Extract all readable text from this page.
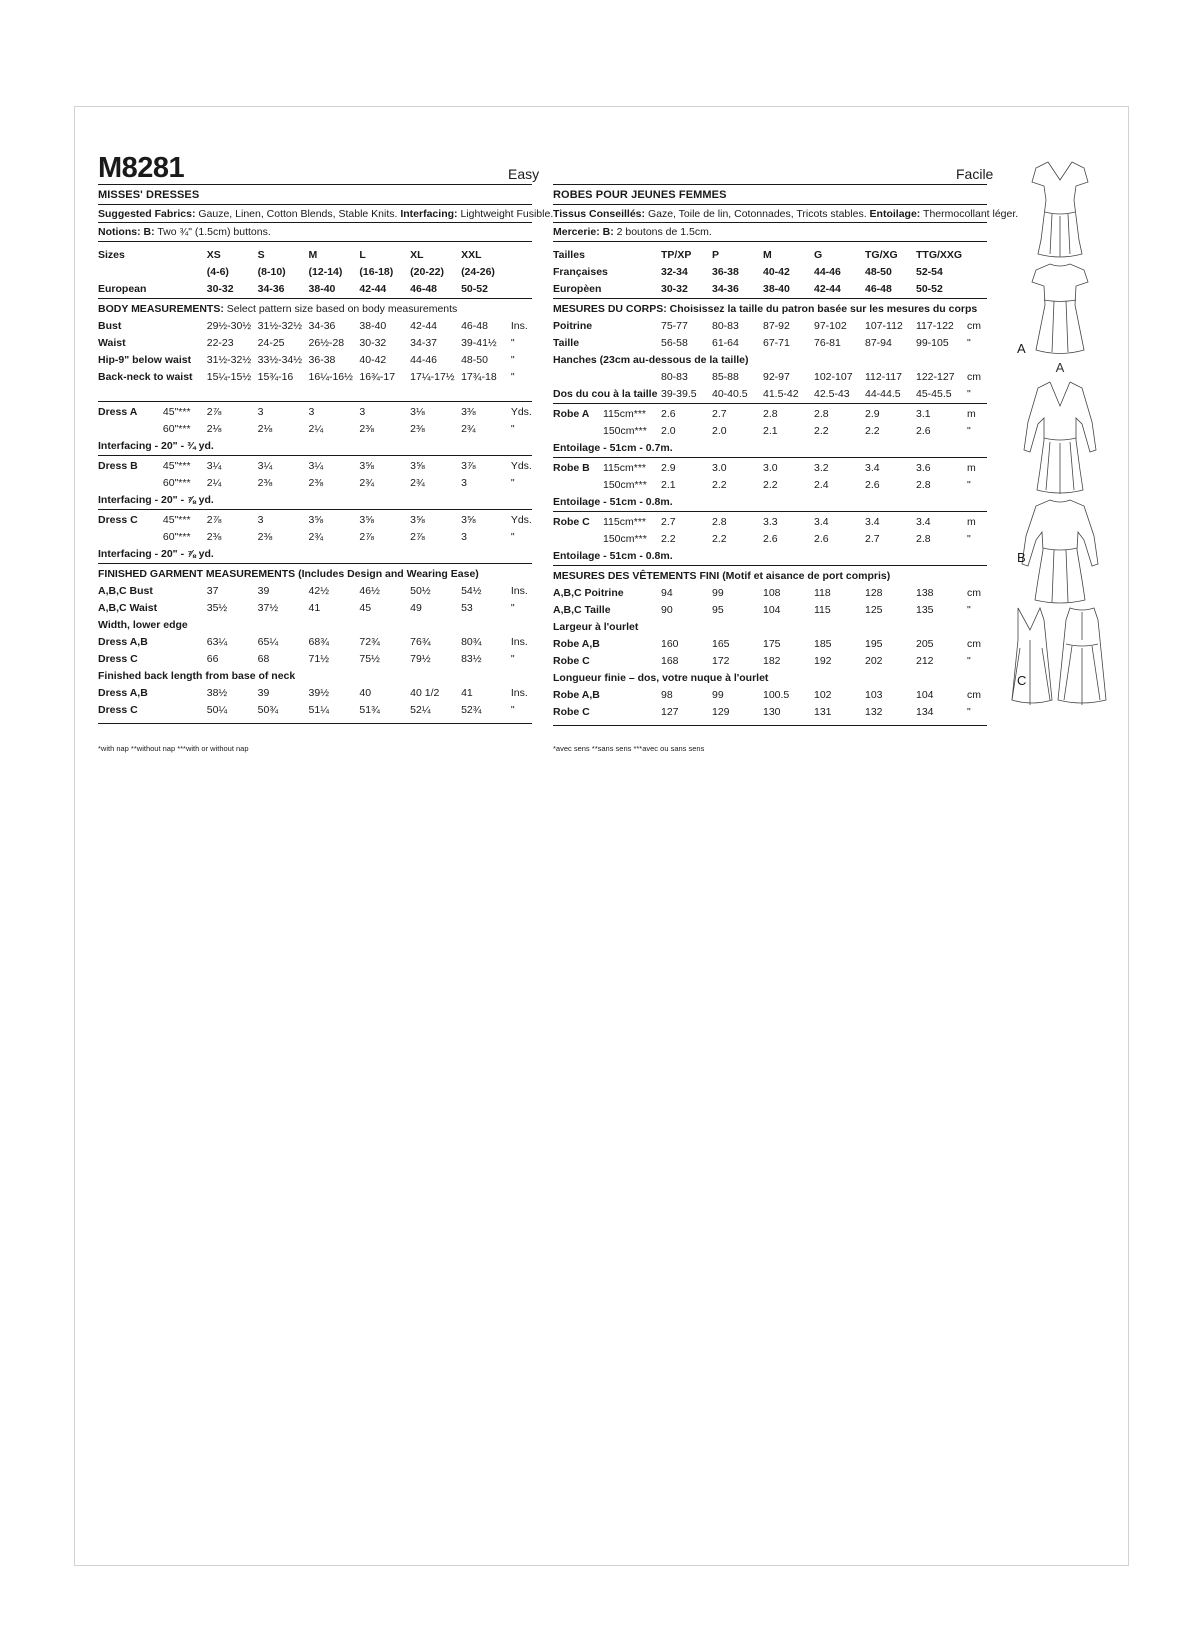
M8281	Easy	Facile
MISSES' DRESSES	ROBES POUR JEUNES FEMMES
Suggested Fabrics: Gauze, Linen, Cotton Blends, Stable Knits. Interfacing: Lightweight Fusible. Tissus Conseillés: Gaze, Toile de lin, Cotonnades, Tricots stables. Entoilage: Thermocollant léger.
Notions: B: Two ¾" (1.5cm) buttons.	Mercerie: B: 2 boutons de 1.5cm.
Sizes		XS	S	M	L	XL	XXL	
		(4-6)	(8-10)	(12-14)	(16-18)	(20-22)	(24-26)	
European		30-32	34-36	38-40	42-44	46-48	50-52	

BODY MEASUREMENTS: Select pattern size based on body measurements								
Bust		29½-30½	31½-32½	34-36	38-40	42-44	46-48	Ins.
Waist		22-23	24-25	26½-28	30-32	34-37	39-41½	"
Hip-9" below waist		31½-32½	33½-34½	36-38	40-42	44-46	48-50	"
Back-neck to waist		15¼-15½	15¾-16	16¼-16½	16¾-17	17¼-17½	17¾-18	"

Dress A	45"***	2⅞	3	3	3	3⅛	3⅜	Yds.
	60"***	2⅛	2⅛	2¼	2⅜	2⅜	2¾	"
Interfacing - 20" - ¾ yd.								

Dress B	45"***	3¼	3¼	3¼	3⅝	3⅝	3⅞	Yds.
	60"***	2¼	2⅜	2⅜	2¾	2¾	3	"
Interfacing - 20" - ⅞ yd.								

Dress C	45"***	2⅞	3	3⅝	3⅝	3⅝	3⅝	Yds.
	60"***	2⅜	2⅜	2¾	2⅞	2⅞	3	"
Interfacing - 20" - ⅞ yd.								

FINISHED GARMENT MEASUREMENTS (Includes Design and Wearing Ease)								
A,B,C Bust		37	39	42½	46½	50½	54½	Ins.
A,B,C Waist		35½	37½	41	45	49	53	"
Width, lower edge								
Dress A,B		63¼	65¼	68¾	72¾	76¾	80¾	Ins.
Dress C		66	68	71½	75½	79½	83½	"
Finished back length from base of neck								
Dress A,B		38½	39	39½	40	40 1/2	41	Ins.
Dress C		50¼	50¾	51¼	51¾	52¼	52¾	"

Tailles		TP/XP	P	M	G	TG/XG	TTG/XXG	
Françaises		32-34	36-38	40-42	44-46	48-50	52-54	
Europèen		30-32	34-36	38-40	42-44	46-48	50-52	

MESURES DU CORPS: Choisissez la taille du patron basée sur les mesures du corps								
Poitrine		75-77	80-83	87-92	97-102	107-112	117-122	cm
Taille		56-58	61-64	67-71	76-81	87-94	99-105	"
Hanches (23cm au-dessous de la taille)								
		80-83	85-88	92-97	102-107	112-117	122-127	cm
Dos du cou à la taille		39-39.5	40-40.5	41.5-42	42.5-43	44-44.5	45-45.5	"

Robe A	115cm***	2.6	2.7	2.8	2.8	2.9	3.1	m
	150cm***	2.0	2.0	2.1	2.2	2.2	2.6	"
Entoilage - 51cm - 0.7m.								

Robe B	115cm***	2.9	3.0	3.0	3.2	3.4	3.6	m
	150cm***	2.1	2.2	2.2	2.4	2.6	2.8	"
Entoilage - 51cm - 0.8m.								

Robe C	115cm***	2.7	2.8	3.3	3.4	3.4	3.4	m
	150cm***	2.2	2.2	2.6	2.6	2.7	2.8	"
Entoilage - 51cm - 0.8m.								

MESURES DES VÊTEMENTS FINI (Motif et aisance de port compris)								
A,B,C Poitrine		94	99	108	118	128	138	cm
A,B,C Taille		90	95	104	115	125	135	"
Largeur à l'ourlet								
Robe A,B		160	165	175	185	195	205	cm
Robe C		168	172	182	192	202	212	"
Longueur finie – dos, votre nuque à l'ourlet								
Robe A,B		98	99	100.5	102	103	104	cm
Robe C		127	129	130	131	132	134	"

*with nap **without nap ***with or without nap	*avec sens **sans sens ***avec ou sans sens
A
A
B
C
